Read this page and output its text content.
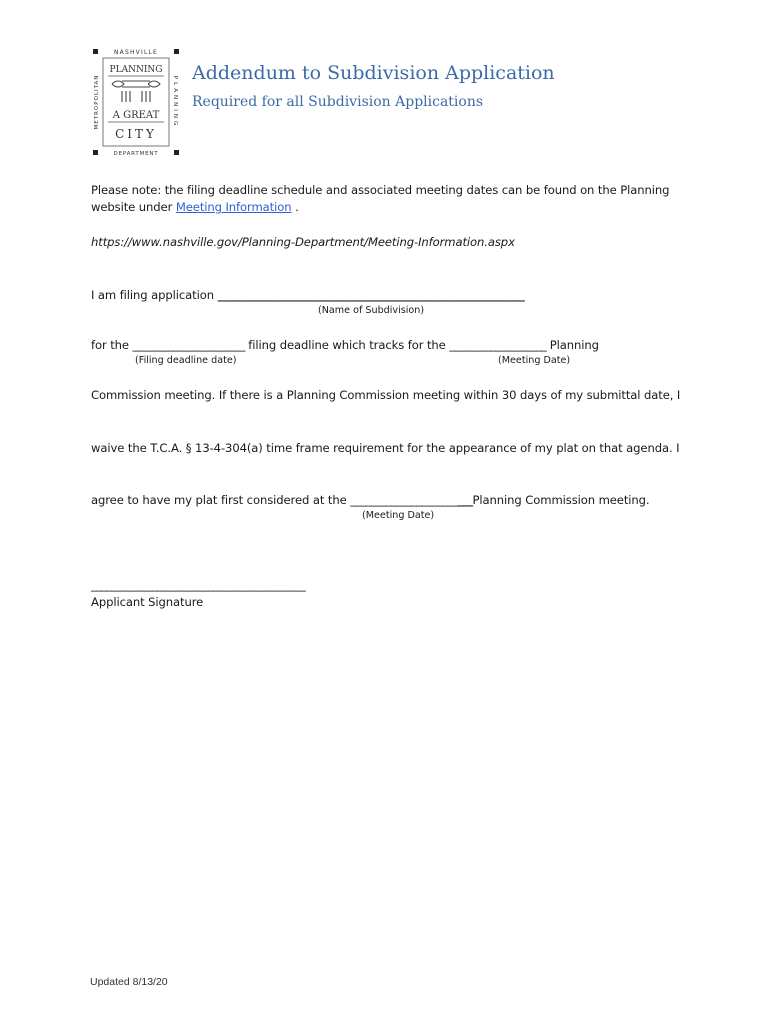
NASHVILLE
DEPARTMENT
METROPOLITAN	PLANNING
PLANNING
A GREAT
CITY
Addendum to Subdivision Application
Required for all Subdivision Applications
Please note: the filing deadline schedule and associated meeting dates can be found on the Planning
website under Meeting Information .
https://www.nashville.gov/Planning-Department/Meeting-Information.aspx
I am filing application ___________________________________________________________
(Name of Subdivision)
for the ______________________ filing deadline which tracks for the ___________________ Planning
(Filing deadline date)	(Meeting Date)
Commission meeting. If there is a Planning Commission meeting within 30 days of my submittal date, I
waive the T.C.A. § 13-4-304(a) time frame requirement for the appearance of my plat on that agenda. I
agree to have my plat first considered at the ________________________Planning Commission meeting.
(Meeting Date)
__________________________________________
Applicant Signature
Updated 8/13/20
